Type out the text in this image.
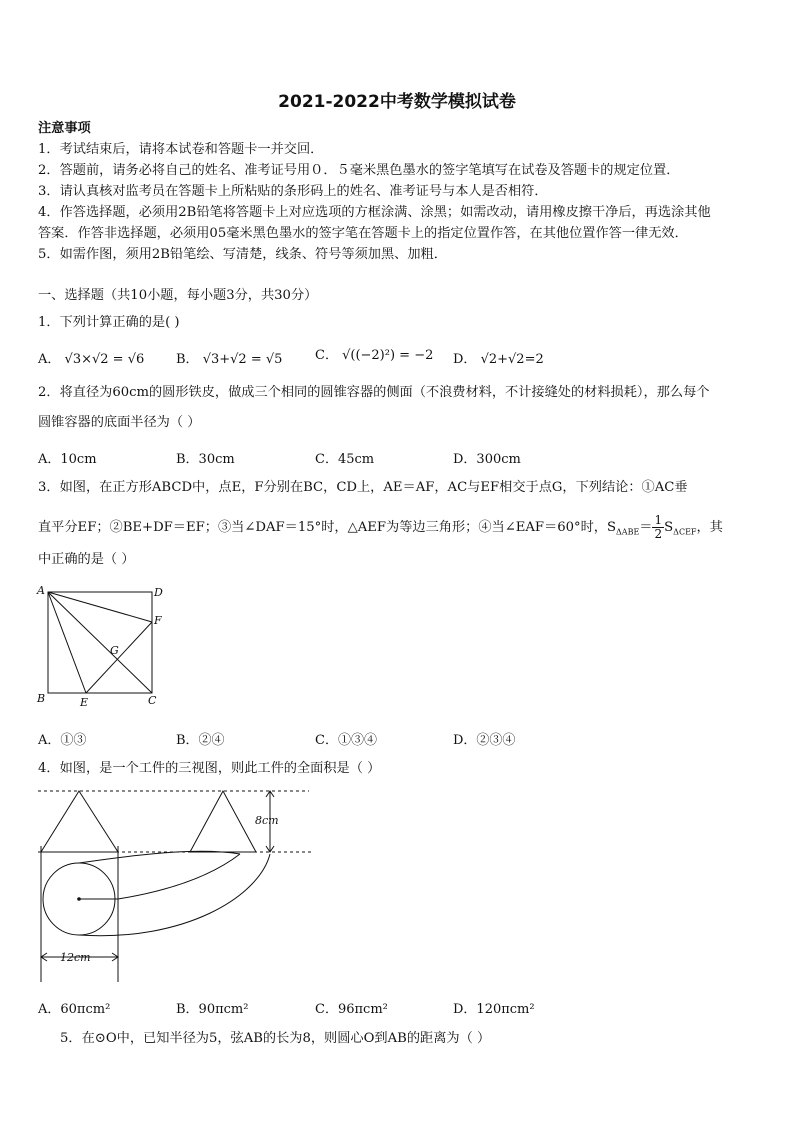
2021-2022中考数学模拟试卷
注意事项
1．考试结束后，请将本试卷和答题卡一并交回．
2．答题前，请务必将自己的姓名、准考证号用０．５毫米黑色墨水的签字笔填写在试卷及答题卡的规定位置．
3．请认真核对监考员在答题卡上所粘贴的条形码上的姓名、准考证号与本人是否相符．
4．作答选择题，必须用2B铅笔将答题卡上对应选项的方框涂满、涂黑；如需改动，请用橡皮擦干净后，再选涂其他
答案．作答非选择题，必须用05毫米黑色墨水的签字笔在答题卡上的指定位置作答，在其他位置作答一律无效．
5．如需作图，须用2B铅笔绘、写清楚，线条、符号等须加黑、加粗．
一、选择题（共10小题，每小题3分，共30分）
1．下列计算正确的是( )
A． √3×√2 = √6 B． √3+√2 = √5	C． √((−2)²) = −2 D． √2+√2=2
2．将直径为60cm的圆形铁皮，做成三个相同的圆锥容器的侧面（不浪费材料，不计接缝处的材料损耗），那么每个
圆锥容器的底面半径为（ ）
A．10cm	B．30cm	C．45cm	D．300cm
3．如图，在正方形ABCD中，点E，F分别在BC，CD上，AE＝AF，AC与EF相交于点G，下列结论：①AC垂
直平分EF；②BE+DF＝EF；③当∠DAF＝15°时，△AEF为等边三角形；④当∠EAF＝60°时，$S_{\Delta ABE}= \frac{1}{2} S_{\Delta CEF}$，其
中正确的是（ ）
A	D
F
G
B	E	C
A．①③	B．②④	C．①③④	D．②③④
4．如图，是一个工件的三视图，则此工件的全面积是（ ）
8cm
12cm
A．60πcm²	B．90πcm²	C．96πcm²	D．120πcm²
5．在⊙O中，已知半径为5，弦AB的长为8，则圆心O到AB的距离为（ ）
